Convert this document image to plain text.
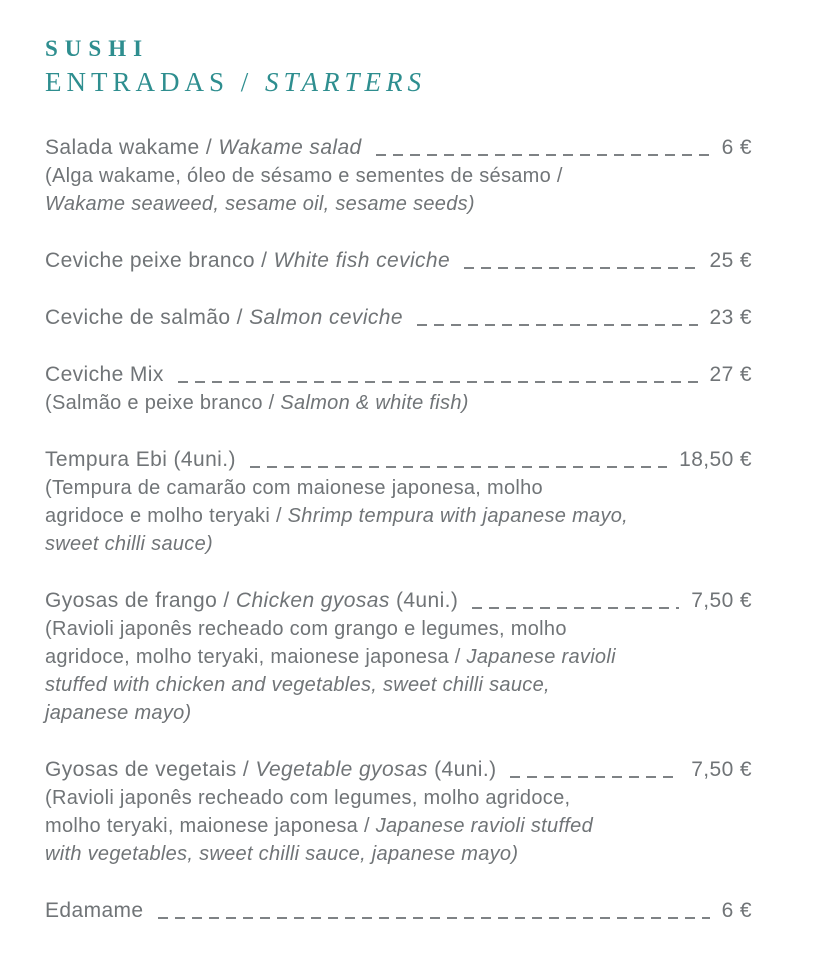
SUSHI
ENTRADAS / STARTERS
Salada wakame / Wakame salad	6 €
(Alga wakame, óleo de sésamo e sementes de sésamo /
Wakame seaweed, sesame oil, sesame seeds)
Ceviche peixe branco / White fish ceviche	25 €
Ceviche de salmão / Salmon ceviche	23 €
Ceviche Mix	27 €
(Salmão e peixe branco / Salmon & white fish)
Tempura Ebi (4uni.)	18,50 €
(Tempura de camarão com maionese japonesa, molho
agridoce e molho teryaki / Shrimp tempura with japanese mayo,
sweet chilli sauce)
Gyosas de frango / Chicken gyosas (4uni.)	7,50 €
(Ravioli japonês recheado com grango e legumes, molho
agridoce, molho teryaki, maionese japonesa / Japanese ravioli
stuffed with chicken and vegetables, sweet chilli sauce,
japanese mayo)
Gyosas de vegetais / Vegetable gyosas (4uni.)	7,50 €
(Ravioli japonês recheado com legumes, molho agridoce,
molho teryaki, maionese japonesa / Japanese ravioli stuffed
with vegetables, sweet chilli sauce, japanese mayo)
Edamame	6 €
